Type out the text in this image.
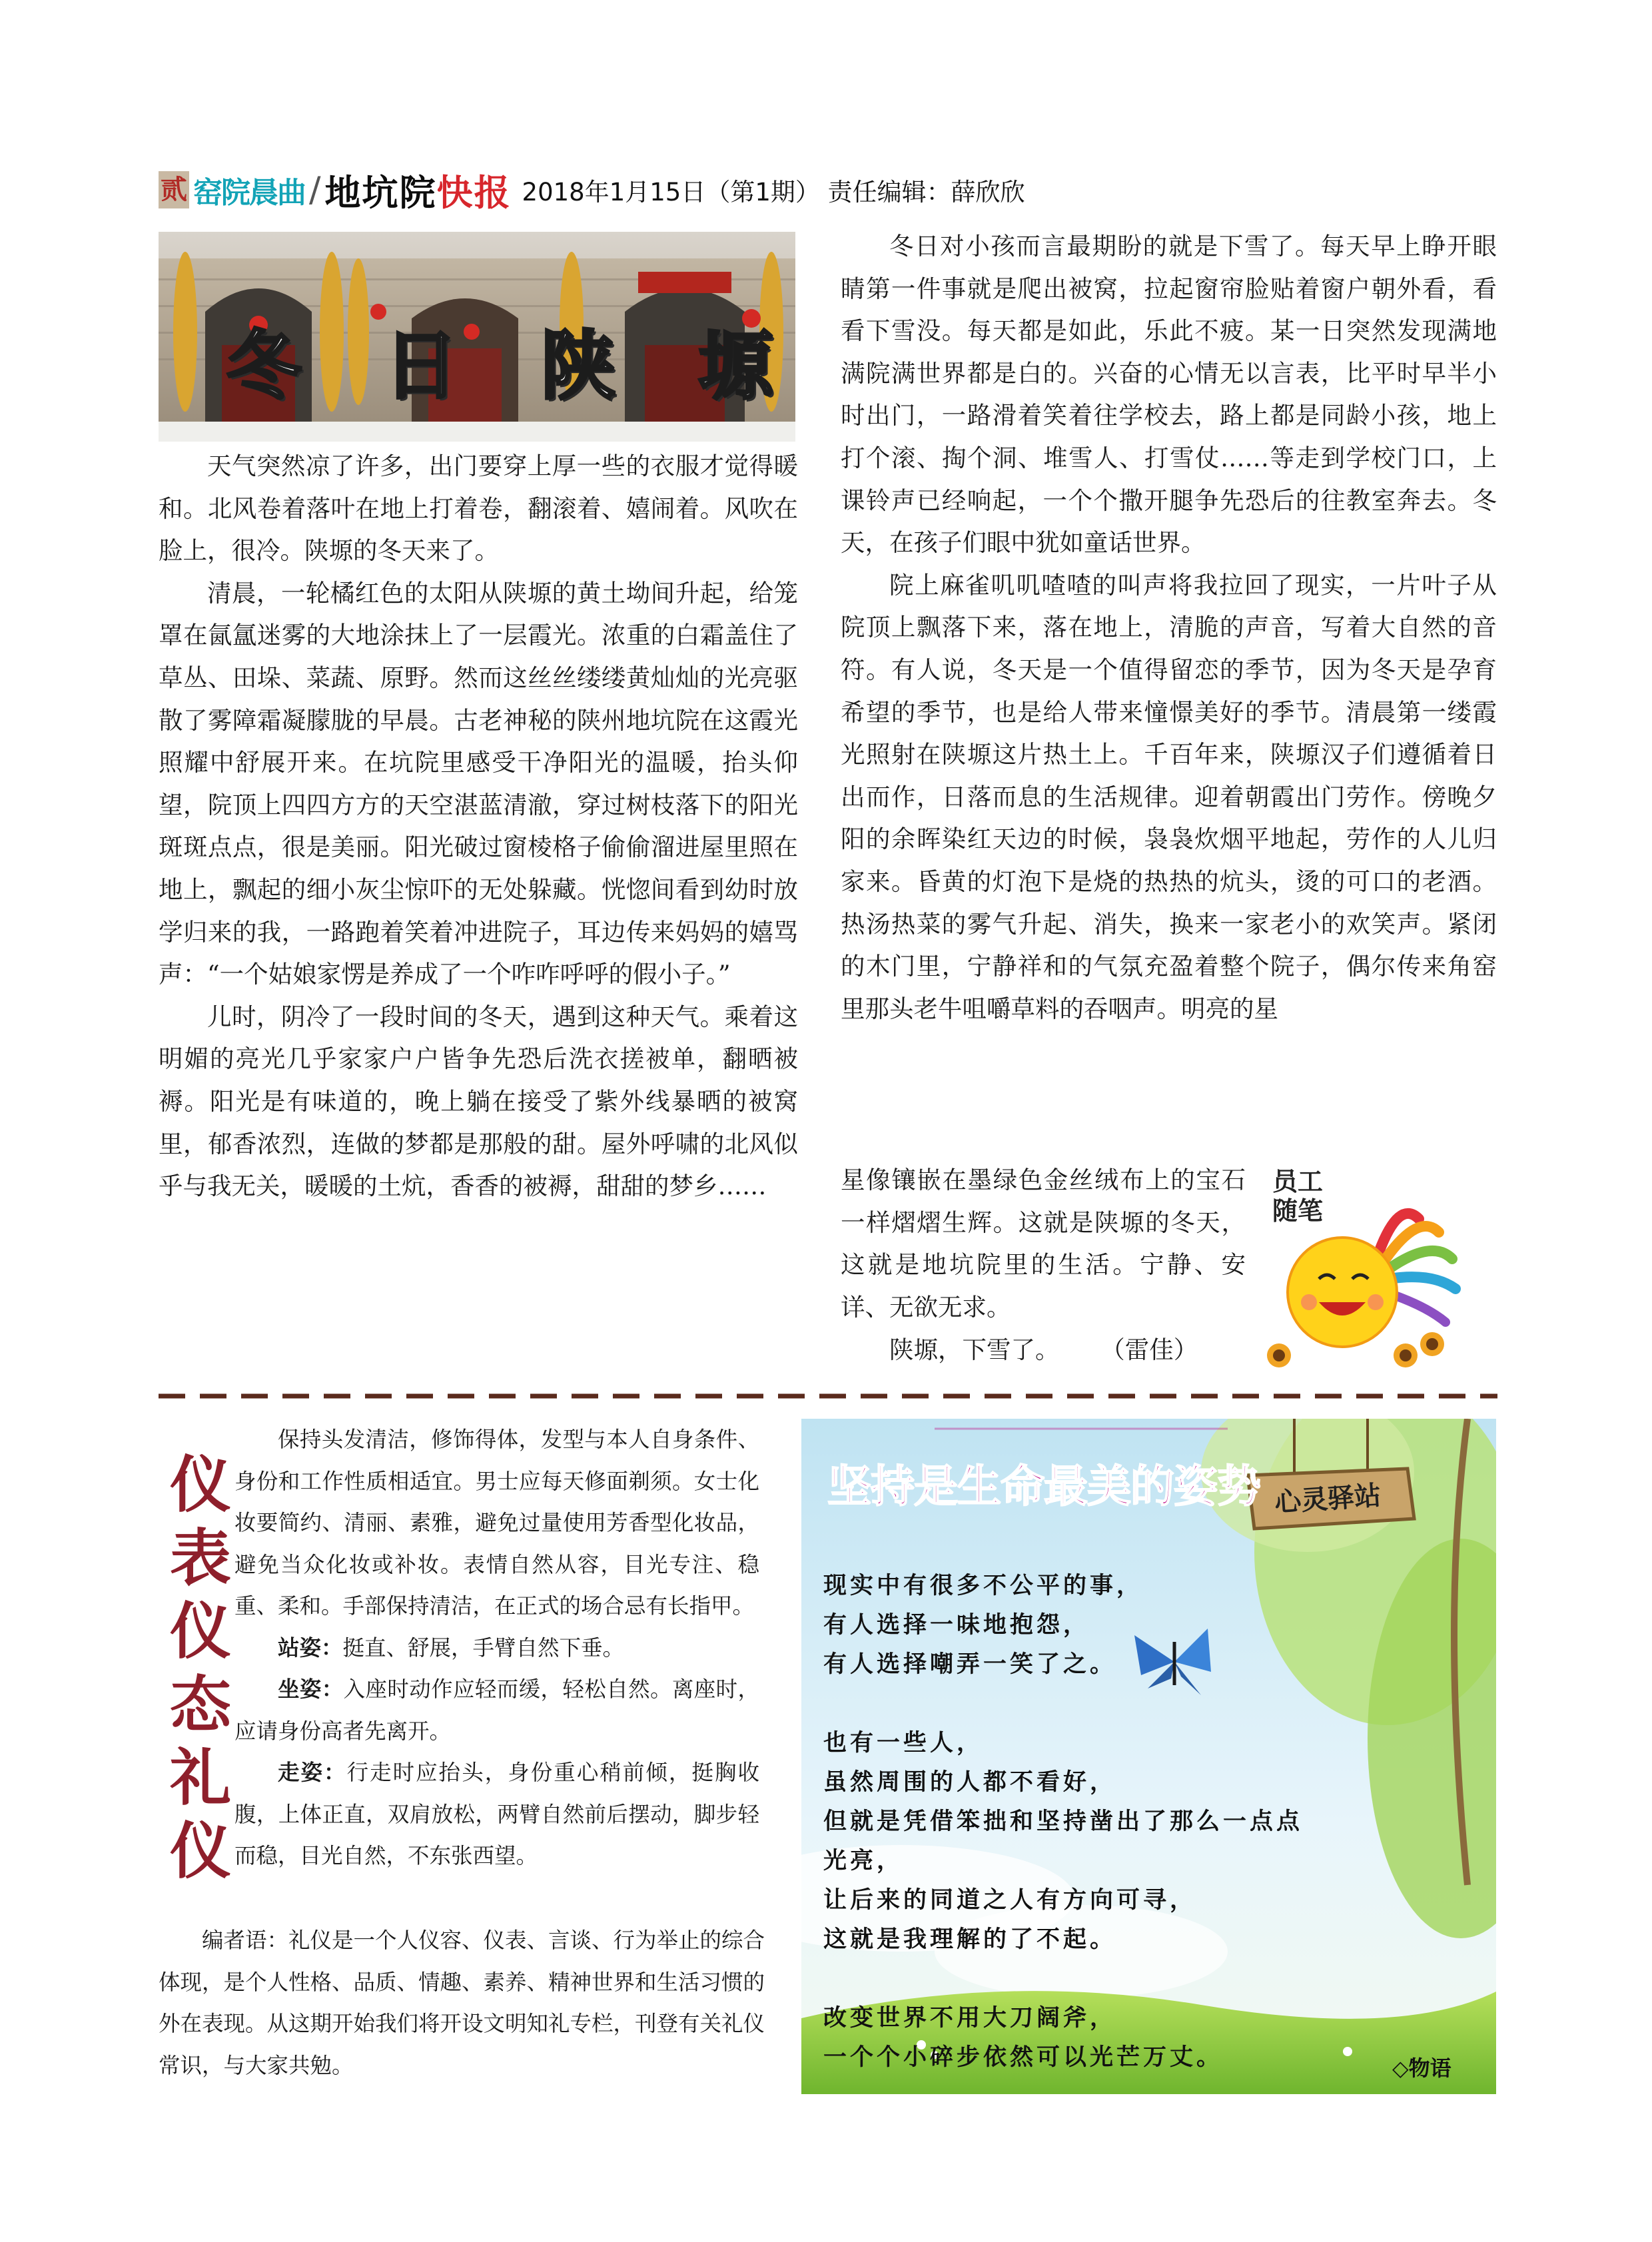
贰 窑院晨曲 / 地坑院 快报 2018年1月15日（第1期） 责任编辑：薛欣欣
冬 日 陕 塬

天气突然凉了许多，出门要穿上厚一些的衣服才觉得暖和。北风卷着落叶在地上打着卷，翻滚着、嬉闹着。风吹在脸上，很冷。陕塬的冬天来了。

清晨，一轮橘红色的太阳从陕塬的黄土坳间升起，给笼罩在氤氲迷雾的大地涂抹上了一层霞光。浓重的白霜盖住了草丛、田垛、菜蔬、原野。然而这丝丝缕缕黄灿灿的光亮驱散了雾障霜凝朦胧的早晨。古老神秘的陕州地坑院在这霞光照耀中舒展开来。在坑院里感受干净阳光的温暖，抬头仰望，院顶上四四方方的天空湛蓝清澈，穿过树枝落下的阳光斑斑点点，很是美丽。阳光破过窗棱格子偷偷溜进屋里照在地上，飘起的细小灰尘惊吓的无处躲藏。恍惚间看到幼时放学归来的我，一路跑着笑着冲进院子，耳边传来妈妈的嬉骂声：“一个姑娘家愣是养成了一个咋咋呼呼的假小子。”

儿时，阴冷了一段时间的冬天，遇到这种天气。乘着这明媚的亮光几乎家家户户皆争先恐后洗衣搓被单，翻晒被褥。阳光是有味道的，晚上躺在接受了紫外线暴晒的被窝里，郁香浓烈，连做的梦都是那般的甜。屋外呼啸的北风似乎与我无关，暖暖的土炕，香香的被褥，甜甜的梦乡……

冬日对小孩而言最期盼的就是下雪了。每天早上睁开眼睛第一件事就是爬出被窝，拉起窗帘脸贴着窗户朝外看，看看下雪没。每天都是如此，乐此不疲。某一日突然发现满地满院满世界都是白的。兴奋的心情无以言表，比平时早半小时出门，一路滑着笑着往学校去，路上都是同龄小孩，地上打个滚、掏个洞、堆雪人、打雪仗……等走到学校门口，上课铃声已经响起，一个个撒开腿争先恐后的往教室奔去。冬天，在孩子们眼中犹如童话世界。

院上麻雀叽叽喳喳的叫声将我拉回了现实，一片叶子从院顶上飘落下来，落在地上，清脆的声音，写着大自然的音符。有人说，冬天是一个值得留恋的季节，因为冬天是孕育希望的季节，也是给人带来憧憬美好的季节。清晨第一缕霞光照射在陕塬这片热土上。千百年来，陕塬汉子们遵循着日出而作，日落而息的生活规律。迎着朝霞出门劳作。傍晚夕阳的余晖染红天边的时候，袅袅炊烟平地起，劳作的人儿归家来。昏黄的灯泡下是烧的热热的炕头，烫的可口的老酒。热汤热菜的雾气升起、消失，换来一家老小的欢笑声。紧闭的木门里，宁静祥和的气氛充盈着整个院子，偶尔传来角窑里那头老牛咀嚼草料的吞咽声。明亮的星

星像镶嵌在墨绿色金丝绒布上的宝石一样熠熠生辉。这就是陕塬的冬天，这就是地坑院里的生活。宁静、安详、无欲无求。

陕塬，下雪了。 （雷佳）

员工随笔
仪表仪态礼仪

保持头发清洁，修饰得体，发型与本人自身条件、身份和工作性质相适宜。男士应每天修面剃须。女士化妆要简约、清丽、素雅，避免过量使用芳香型化妆品，避免当众化妆或补妆。表情自然从容，目光专注、稳重、柔和。手部保持清洁，在正式的场合忌有长指甲。

站姿：挺直、舒展，手臂自然下垂。

坐姿：入座时动作应轻而缓，轻松自然。离座时，应请身份高者先离开。

走姿：行走时应抬头，身份重心稍前倾，挺胸收腹，上体正直，双肩放松，两臂自然前后摆动，脚步轻而稳，目光自然，不东张西望。

编者语：礼仪是一个人仪容、仪表、言谈、行为举止的综合体现，是个人性格、品质、情趣、素养、精神世界和生活习惯的外在表现。从这期开始我们将开设文明知礼专栏，刊登有关礼仪常识，与大家共勉。
坚持是生命最美的姿势 心灵驿站
现实中有很多不公平的事，
有人选择一味地抱怨，
有人选择嘲弄一笑了之。
也有一些人，
虽然周围的人都不看好，
但就是凭借笨拙和坚持凿出了那么一点点
光亮，
让后来的同道之人有方向可寻，
这就是我理解的了不起。
改变世界不用大刀阔斧，
一个个小碎步依然可以光芒万丈。	◇物语
